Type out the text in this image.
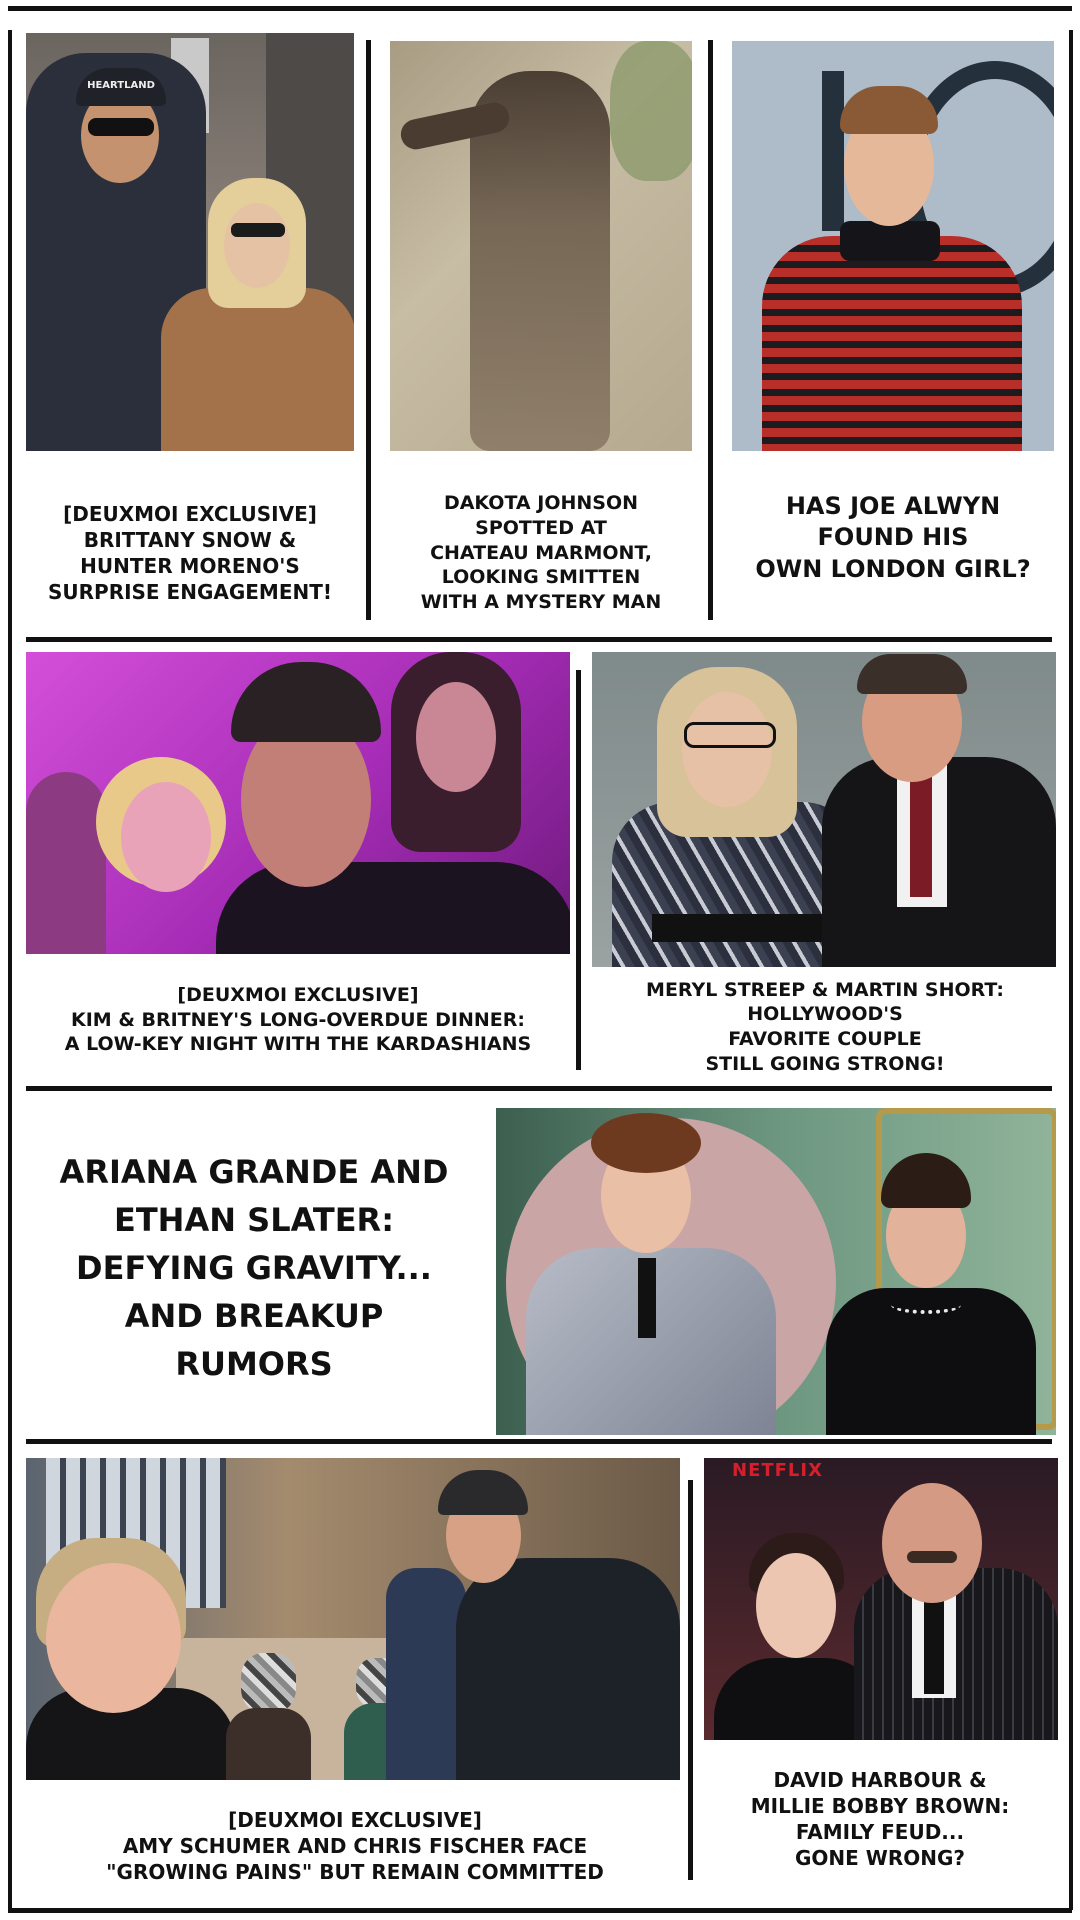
HEARTLAND
[DEUXMOI EXCLUSIVE]
BRITTANY SNOW &
HUNTER MORENO'S
SURPRISE ENGAGEMENT!
DAKOTA JOHNSON
SPOTTED AT
CHATEAU MARMONT,
LOOKING SMITTEN
WITH A MYSTERY MAN
HAS JOE ALWYN
FOUND HIS
OWN LONDON GIRL?
[DEUXMOI EXCLUSIVE]
KIM & BRITNEY'S LONG-OVERDUE DINNER:
A LOW-KEY NIGHT WITH THE KARDASHIANS
MERYL STREEP & MARTIN SHORT:
HOLLYWOOD'S
FAVORITE COUPLE
STILL GOING STRONG!
ARIANA GRANDE AND
ETHAN SLATER:
DEFYING GRAVITY...
AND BREAKUP
RUMORS
[DEUXMOI EXCLUSIVE]
AMY SCHUMER AND CHRIS FISCHER FACE
"GROWING PAINS" BUT REMAIN COMMITTED
NETFLIX
DAVID HARBOUR &
MILLIE BOBBY BROWN:
FAMILY FEUD...
GONE WRONG?
